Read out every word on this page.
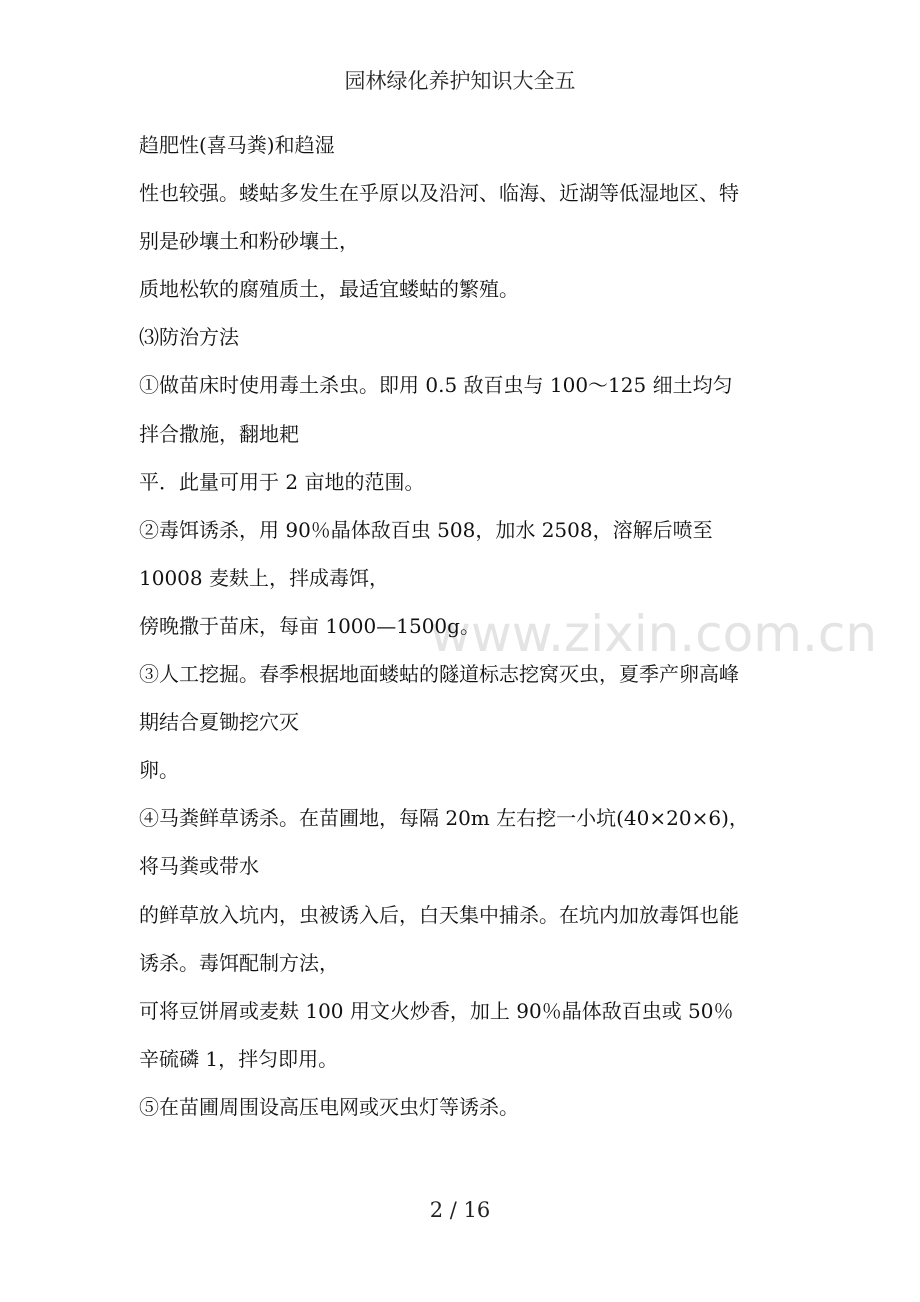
园林绿化养护知识大全五
www.zixin.com.cn
趋肥性(喜马粪)和趋湿
性也较强。蝼蛄多发生在乎原以及沿河、临海、近湖等低湿地区、特
别是砂壤土和粉砂壤土，
质地松软的腐殖质土，最适宜蝼蛄的繁殖。
⑶防治方法
①做苗床时使用毒土杀虫。即用 0.5 敌百虫与 100～125 细土均匀
拌合撒施，翻地耙
平．此量可用于 2 亩地的范围。
②毒饵诱杀，用 90％晶体敌百虫 508，加水 2508，溶解后喷至
10008 麦麸上，拌成毒饵，
傍晚撒于苗床，每亩 1000—1500g。
③人工挖掘。春季根据地面蝼蛄的隧道标志挖窝灭虫，夏季产卵高峰
期结合夏锄挖穴灭
卵。
④马粪鲜草诱杀。在苗圃地，每隔 20m 左右挖一小坑(40×20×6)，
将马粪或带水
的鲜草放入坑内，虫被诱入后，白天集中捕杀。在坑内加放毒饵也能
诱杀。毒饵配制方法，
可将豆饼屑或麦麸 100 用文火炒香，加上 90％晶体敌百虫或 50％
辛硫磷 1，拌匀即用。
⑤在苗圃周围设高压电网或灭虫灯等诱杀。
2 / 16
